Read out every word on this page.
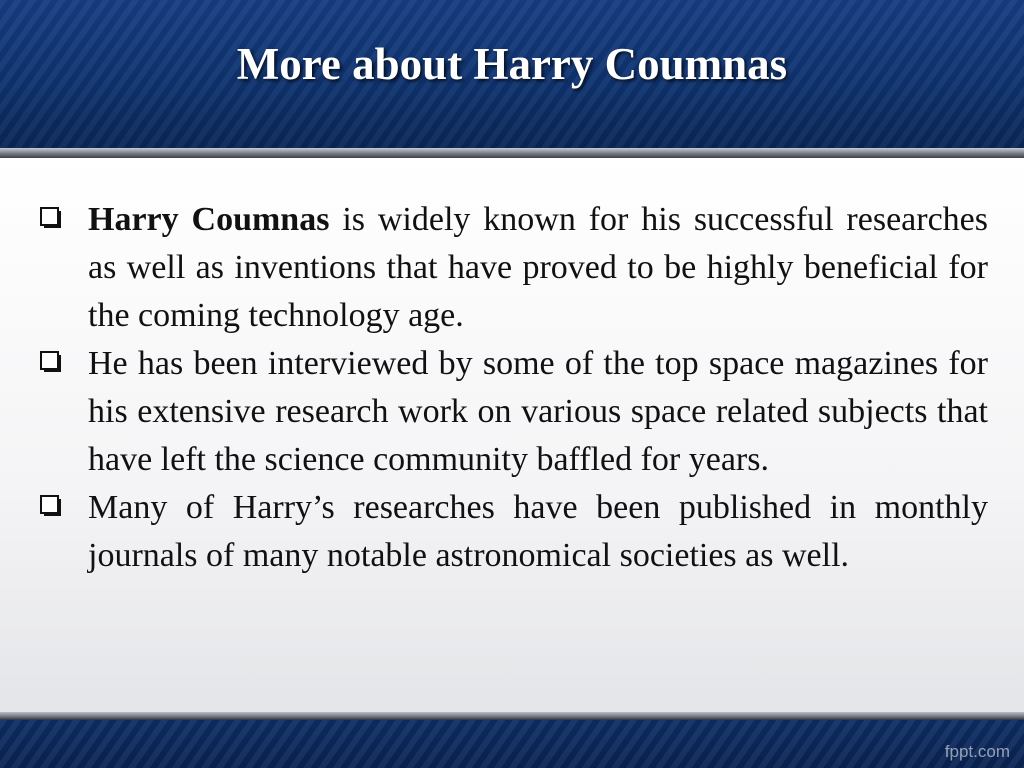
More about Harry Coumnas
Harry Coumnas is widely known for his successful researches as well as inventions that have proved to be highly beneficial for the coming technology age.
He has been interviewed by some of the top space magazines for his extensive research work on various space related subjects that have left the science community baffled for years.
Many of Harry’s researches have been published in monthly journals of many notable astronomical societies as well.
fppt.com
